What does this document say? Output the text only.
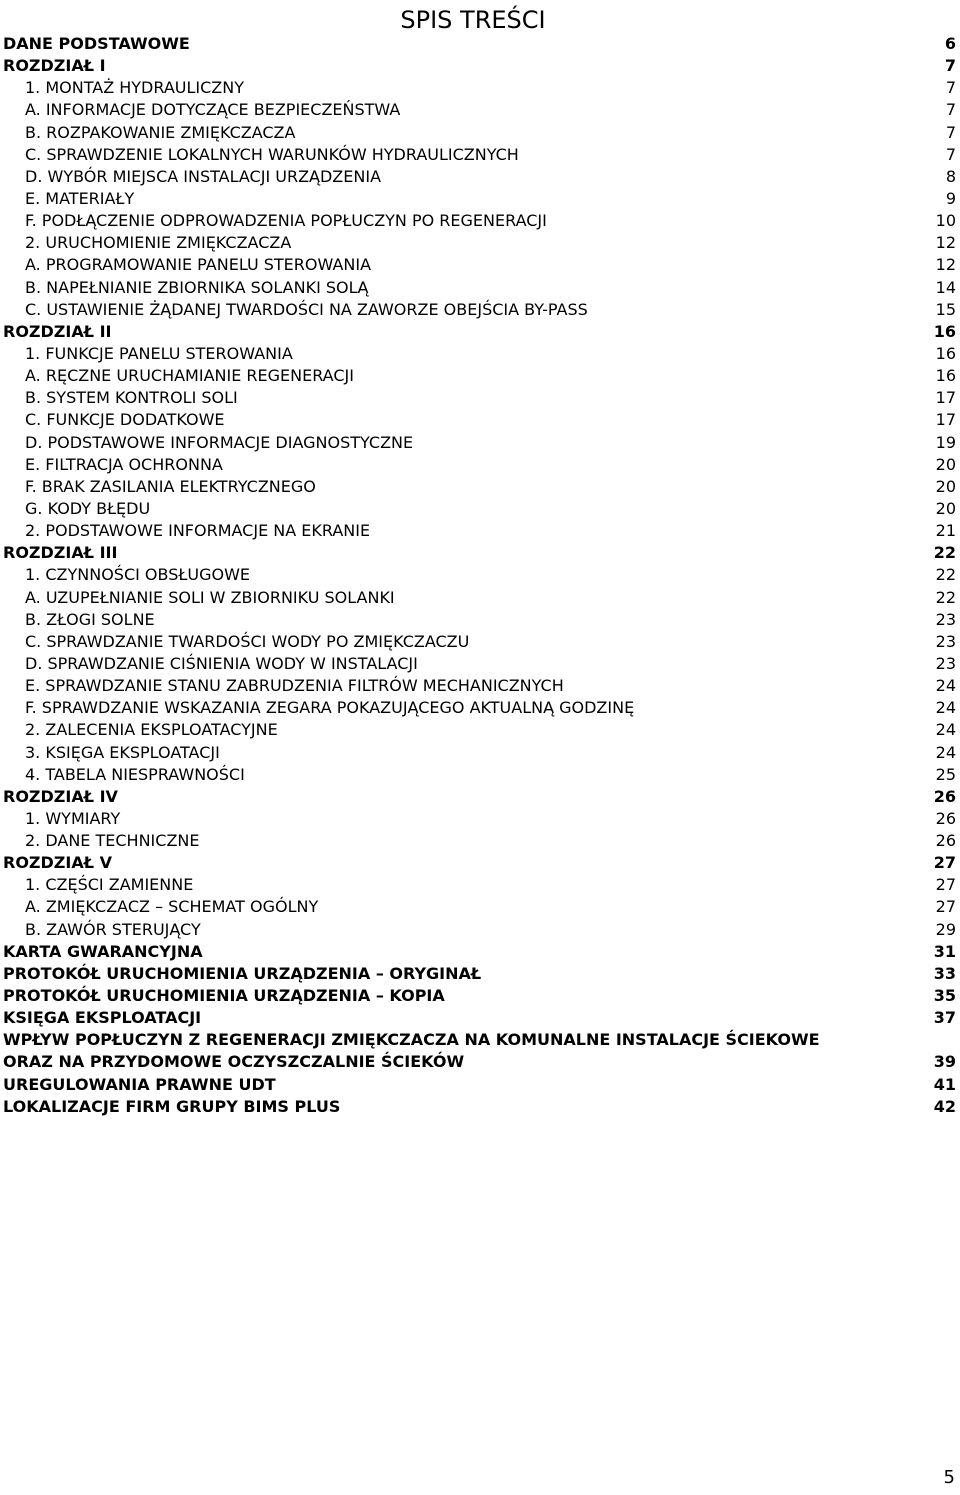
SPIS TREŚCI
DANE PODSTAWOWE	6
ROZDZIAŁ I	7
1. MONTAŻ HYDRAULICZNY	7
A. INFORMACJE DOTYCZĄCE BEZPIECZEŃSTWA	7
B. ROZPAKOWANIE ZMIĘKCZACZA	7
C. SPRAWDZENIE LOKALNYCH WARUNKÓW HYDRAULICZNYCH	7
D. WYBÓR MIEJSCA INSTALACJI URZĄDZENIA	8
E. MATERIAŁY	9
F. PODŁĄCZENIE ODPROWADZENIA POPŁUCZYN PO REGENERACJI	10
2. URUCHOMIENIE ZMIĘKCZACZA	12
A. PROGRAMOWANIE PANELU STEROWANIA	12
B. NAPEŁNIANIE ZBIORNIKA SOLANKI SOLĄ	14
C. USTAWIENIE ŻĄDANEJ TWARDOŚCI NA ZAWORZE OBEJŚCIA BY-PASS	15
ROZDZIAŁ II	16
1. FUNKCJE PANELU STEROWANIA	16
A. RĘCZNE URUCHAMIANIE REGENERACJI	16
B. SYSTEM KONTROLI SOLI	17
C. FUNKCJE DODATKOWE	17
D. PODSTAWOWE INFORMACJE DIAGNOSTYCZNE	19
E. FILTRACJA OCHRONNA	20
F. BRAK ZASILANIA ELEKTRYCZNEGO	20
G. KODY BŁĘDU	20
2. PODSTAWOWE INFORMACJE NA EKRANIE	21
ROZDZIAŁ III	22
1. CZYNNOŚCI OBSŁUGOWE	22
A. UZUPEŁNIANIE SOLI W ZBIORNIKU SOLANKI	22
B. ZŁOGI SOLNE	23
C. SPRAWDZANIE TWARDOŚCI WODY PO ZMIĘKCZACZU	23
D. SPRAWDZANIE CIŚNIENIA WODY W INSTALACJI	23
E. SPRAWDZANIE STANU ZABRUDZENIA FILTRÓW MECHANICZNYCH	24
F. SPRAWDZANIE WSKAZANIA ZEGARA POKAZUJĄCEGO AKTUALNĄ GODZINĘ	24
2. ZALECENIA EKSPLOATACYJNE	24
3. KSIĘGA EKSPLOATACJI	24
4. TABELA NIESPRAWNOŚCI	25
ROZDZIAŁ IV	26
1. WYMIARY	26
2. DANE TECHNICZNE	26
ROZDZIAŁ V	27
1. CZĘŚCI ZAMIENNE	27
A. ZMIĘKCZACZ – SCHEMAT OGÓLNY	27
B. ZAWÓR STERUJĄCY	29
KARTA GWARANCYJNA	31
PROTOKÓŁ URUCHOMIENIA URZĄDZENIA – ORYGINAŁ	33
PROTOKÓŁ URUCHOMIENIA URZĄDZENIA – KOPIA	35
KSIĘGA EKSPLOATACJI	37
WPŁYW POPŁUCZYN Z REGENERACJI ZMIĘKCZACZA NA KOMUNALNE INSTALACJE ŚCIEKOWE
ORAZ NA PRZYDOMOWE OCZYSZCZALNIE ŚCIEKÓW	39
UREGULOWANIA PRAWNE UDT	41
LOKALIZACJE FIRM GRUPY BIMS PLUS	42
5
